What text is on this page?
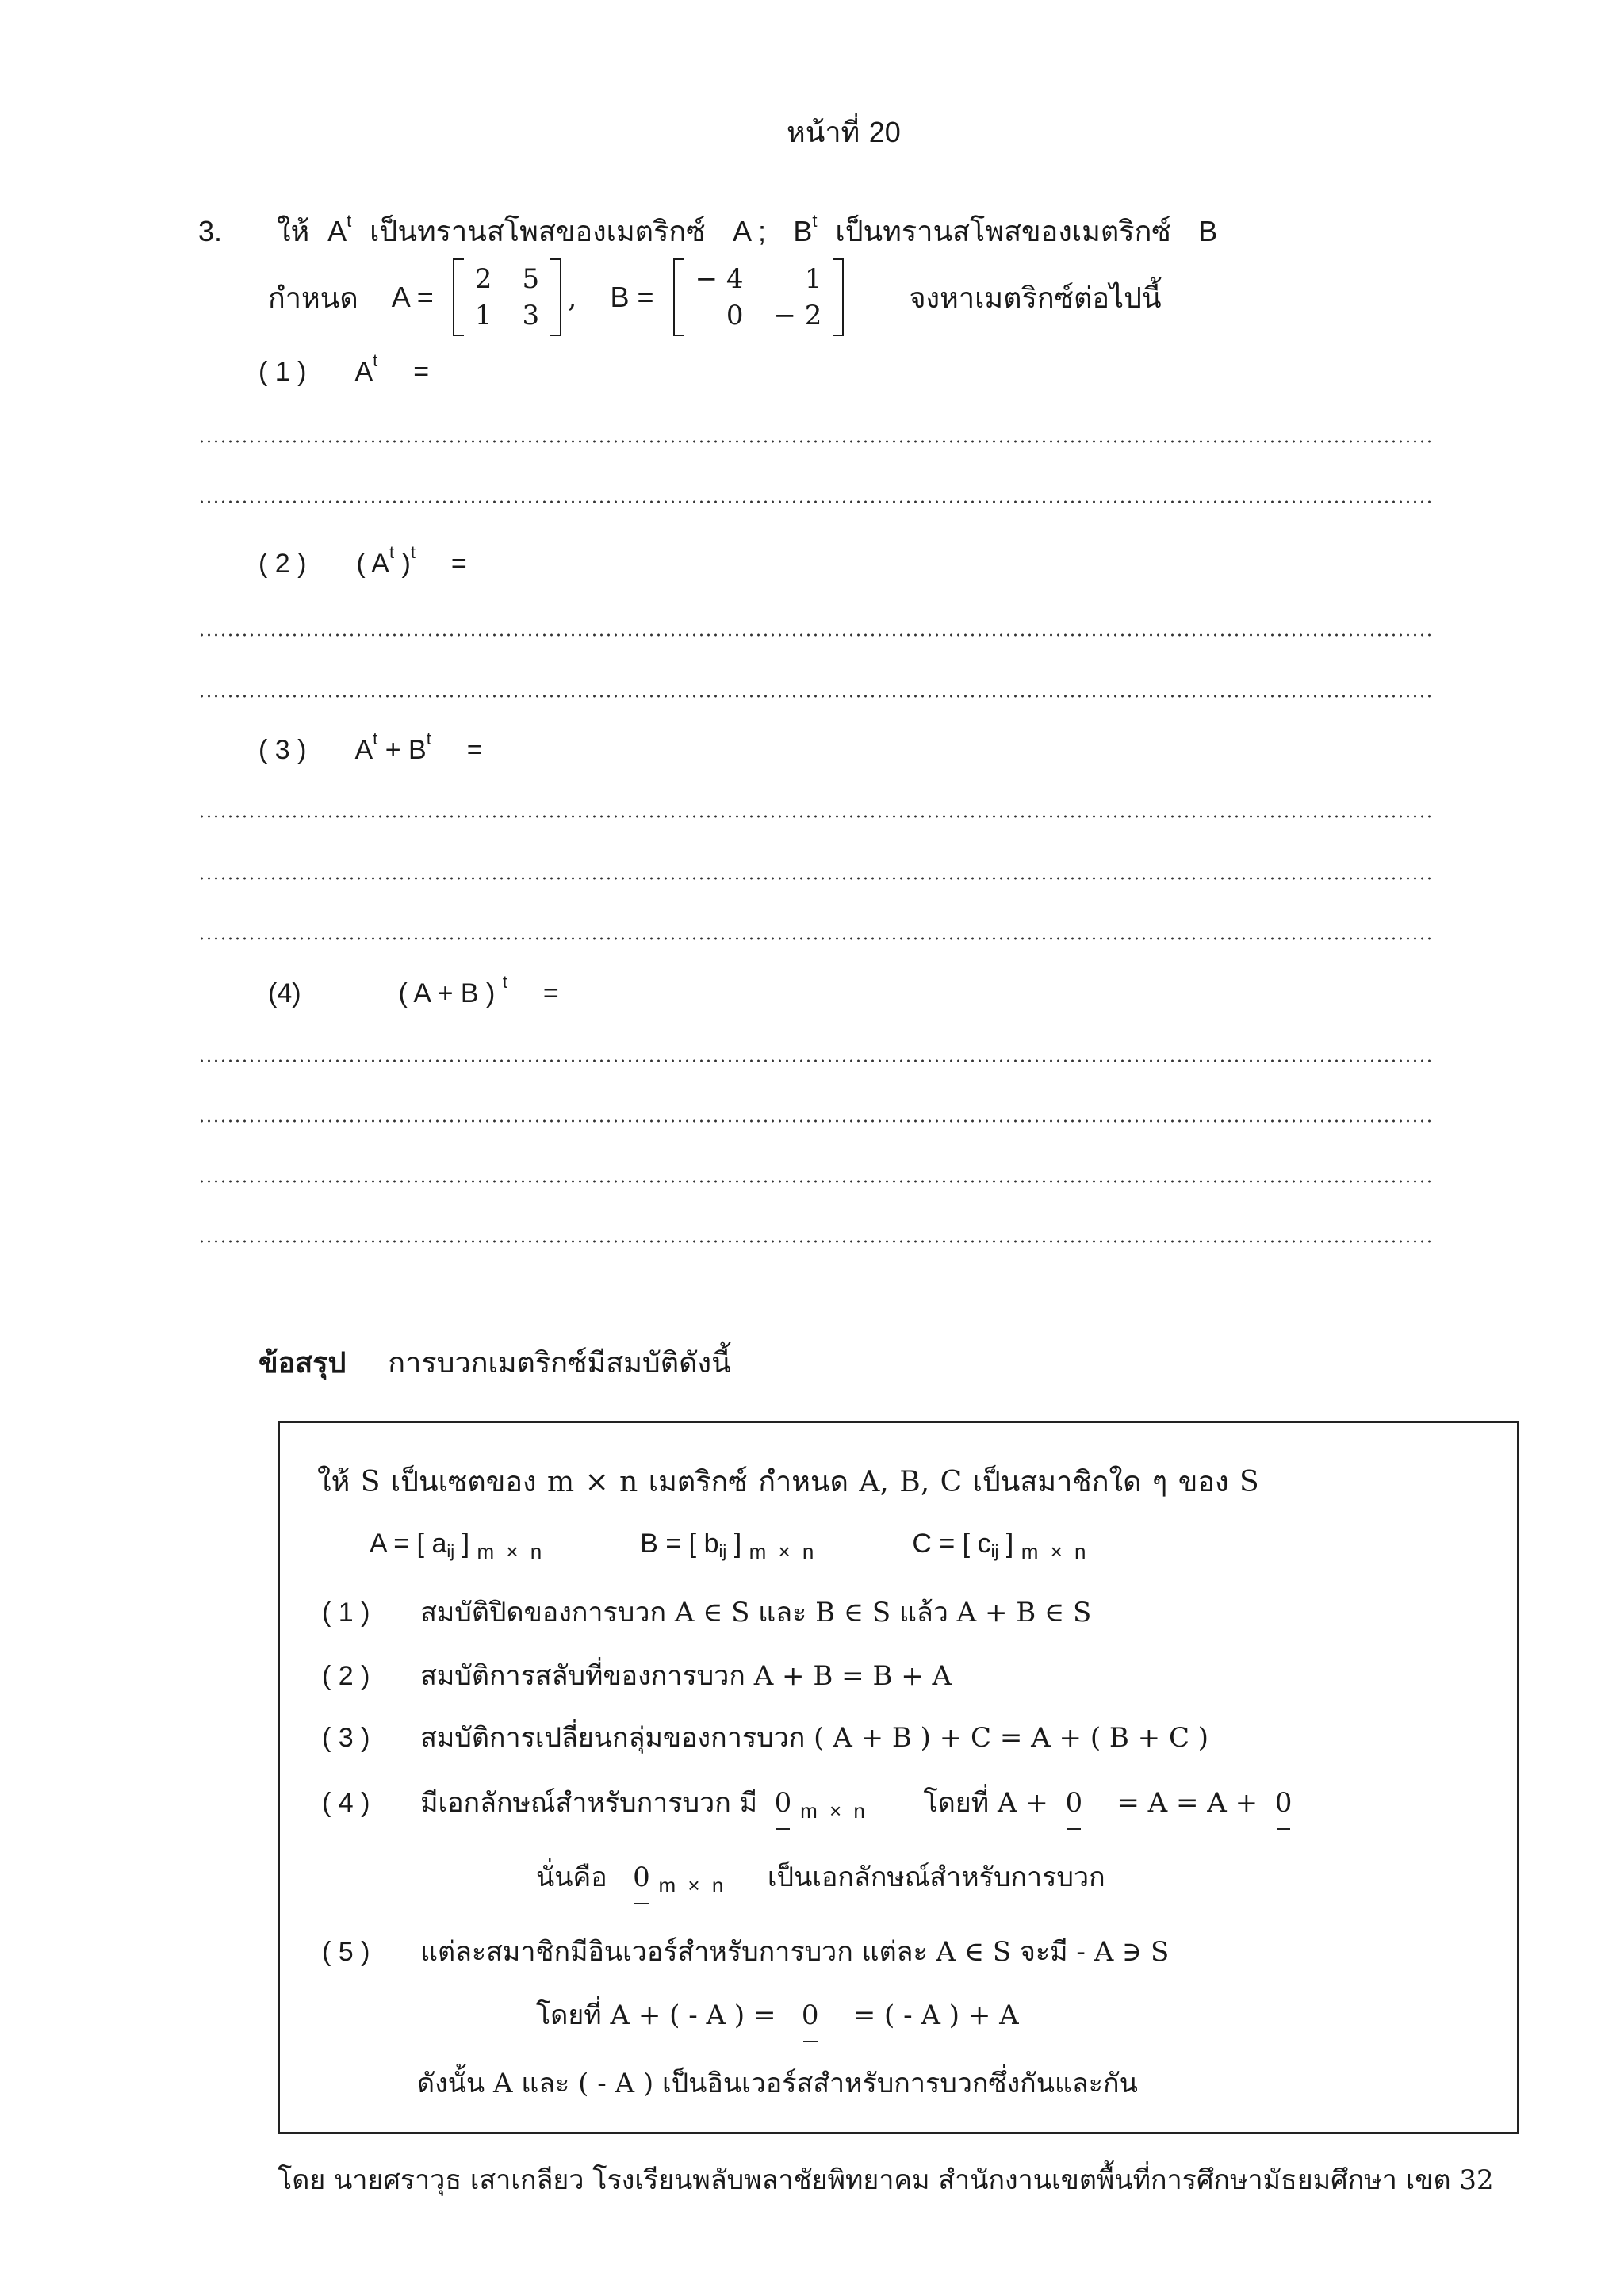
หน้าที่ 20
3. ให้ $A^t$ เป็นทรานสโพสของเมตริกซ์ A ; $B^t$ เป็นทรานสโพสของเมตริกซ์ B
กำหนด A =
2 5
1 3
, B =
− 4	1
0 − 2
จงหาเมตริกซ์ต่อไปนี้
( 1 ) $A^t$ =
( 2 ) ( $A^t$ )$^t$ =
( 3 ) $A^t + B^t$ =
(4)	( A + B ) $^t$ =
ข้อสรุป การบวกเมตริกซ์มีสมบัติดังนี้
ให้ S เป็นเซตของ m × n เมตริกซ์ กำหนด A, B, C เป็นสมาชิกใด ๆ ของ S
A = [ $a_{ij}$ ] $_{m \times n}$	B = [ $b_{ij}$ ] $_{m \times n}$	C = [ $c_{ij}$ ] $_{m \times n}$
( 1 ) สมบัติปิดของการบวก A ∈ S และ B ∈ S แล้ว A + B ∈ S
( 2 ) สมบัติการสลับที่ของการบวก A + B = B + A
( 3 ) สมบัติการเปลี่ยนกลุ่มของการบวก ( A + B ) + C = A + ( B + C )
( 4 ) มีเอกลักษณ์สำหรับการบวก มี 0 $_{m \times n}$ โดยที่ A + 0 = A = A + 0
นั่นคือ 0 $_{m \times n}$ เป็นเอกลักษณ์สำหรับการบวก
( 5 ) แต่ละสมาชิกมีอินเวอร์สำหรับการบวก แต่ละ A ∈ S จะมี - A ∋ S
โดยที่ A + ( - A ) = 0 = ( - A ) + A
ดังนั้น A และ ( - A ) เป็นอินเวอร์สสำหรับการบวกซึ่งกันและกัน
โดย นายศราวุธ เสาเกลียว โรงเรียนพลับพลาชัยพิทยาคม สำนักงานเขตพื้นที่การศึกษามัธยมศึกษา เขต 32
